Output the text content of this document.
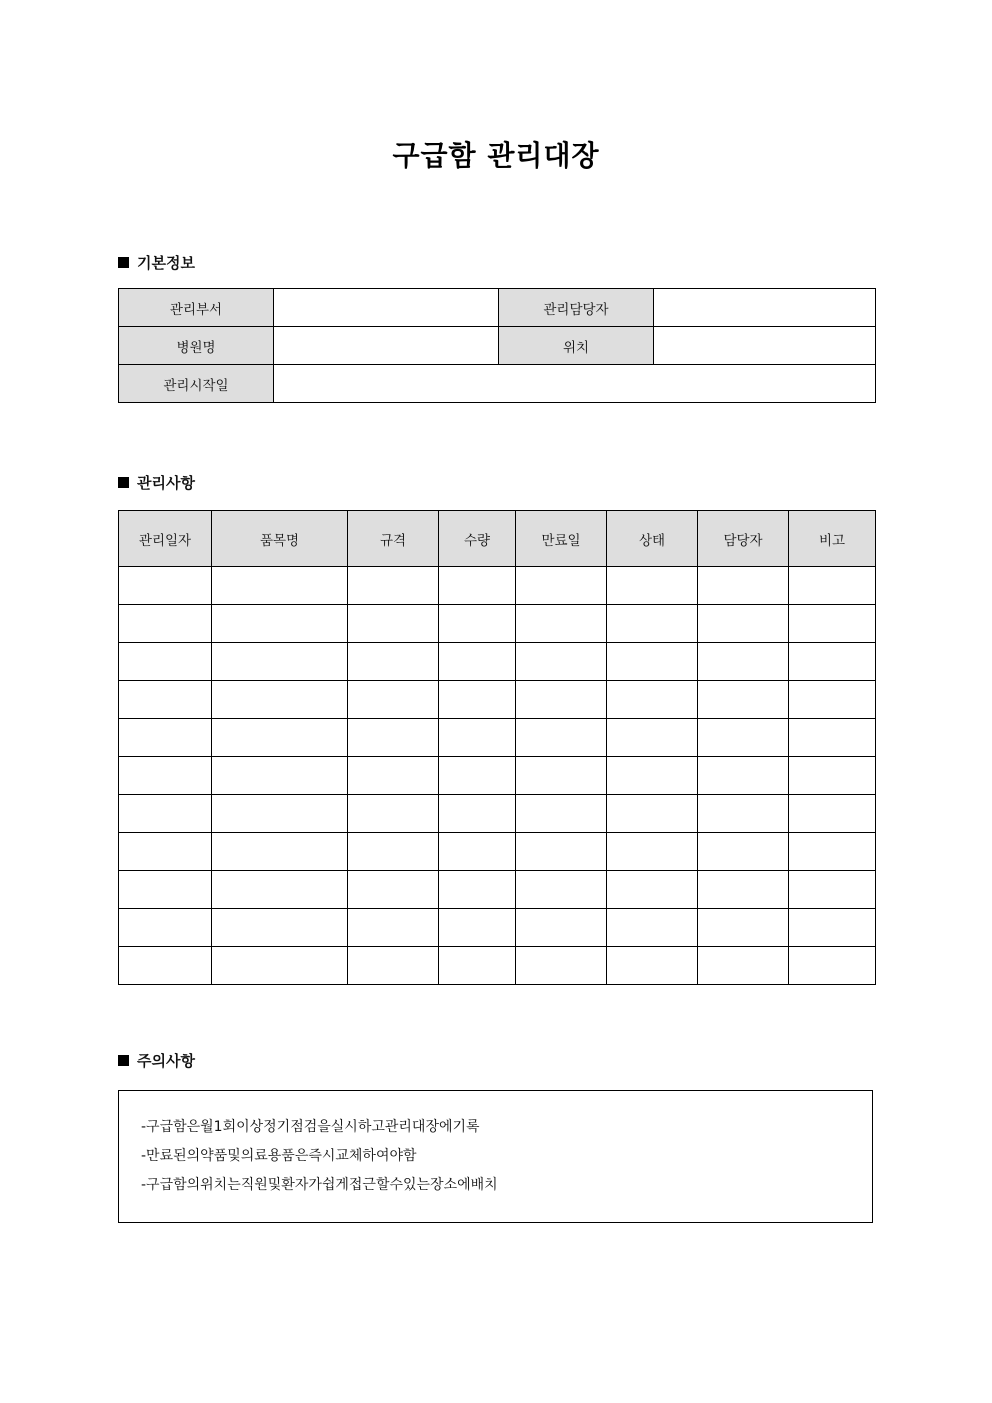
구급함 관리대장
기본정보
관리부서		관리담당자	
병원명		위치	
관리시작일			
관리사항
관리일자	품목명	규격	수량	만료일	상태	담당자	비고

주의사항
-구급함은월1회이상정기점검을실시하고관리대장에기록
-만료된의약품및의료용품은즉시교체하여야함
-구급함의위치는직원및환자가쉽게접근할수있는장소에배치
